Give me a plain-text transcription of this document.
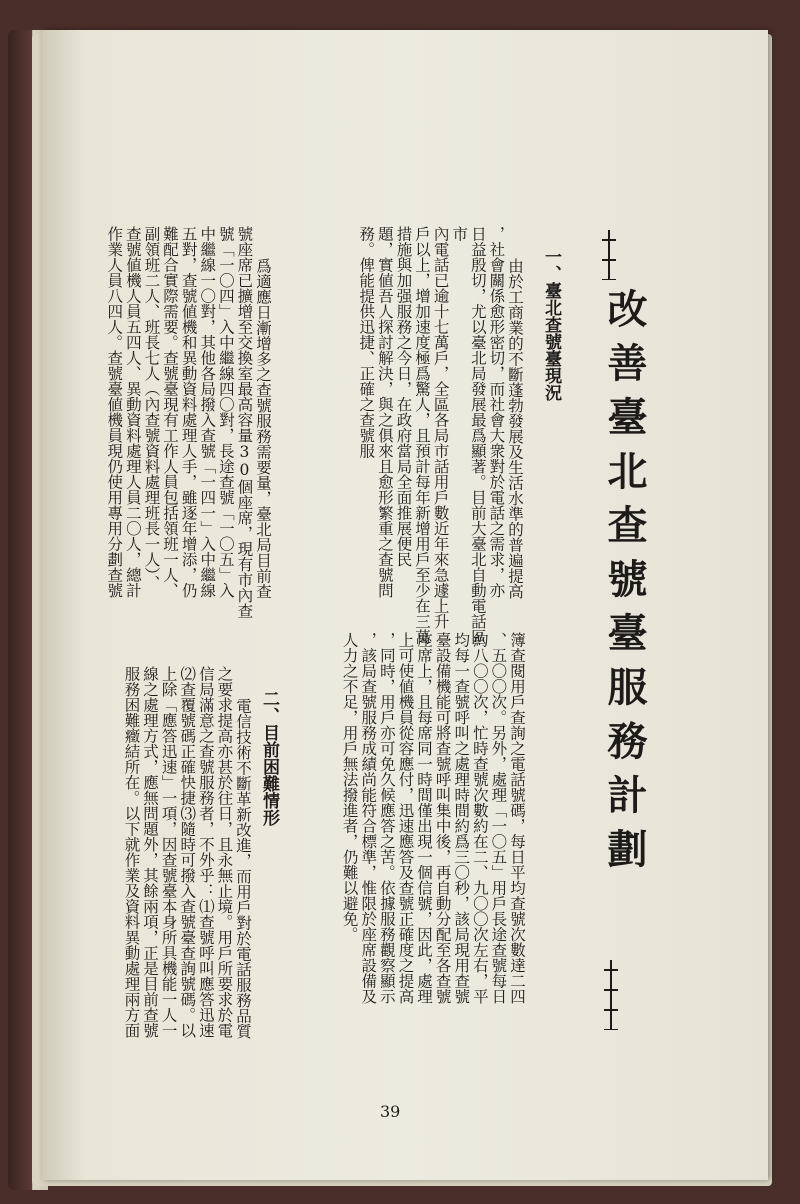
改善臺北查號臺服務計劃
一、臺北查號臺現況
由於工商業的不斷蓬勃發展及生活水準的普遍提高
，社會關係愈形密切，而社會大衆對於電話之需求，亦
日益殷切，尤以臺北局發展最爲顯著。目前大臺北自動電話區市
內電話已逾十七萬戶，全區各局市話用戶數近年來急遽上升
戶以上，增加速度極爲驚人，且預計每年新增用戶至少在三萬
措施與加强服務之今日，在政府當局全面推展便民
題，實値吾人探討解決，與之俱來且愈形繁重之查號問
務。俾能提供迅捷、正確之查號服
爲適應日漸增多之查號服務需要量，臺北局目前查
號座席已擴增至交換室最高容量30個座席，現有市內查
號「一〇四」入中繼線四〇對，長途查號「一〇五」入
中繼線一〇對，其他各局撥入查號「一四一」入中繼線
五對，查號値機和異動資料處理人手，雖逐年增添，仍
難配合實際需要。查號臺現有工作人員包括領班一人、
副領班二人、班長七人（內查號資料處理班長一人）、
查號値機人員五四人、異動資料處理人員二〇人，總計
作業人員八四人。查號臺値機員現仍使用專用分劃查號
簿查閱用戶查詢之電話號碼，每日平均查號次數達二四
、五〇〇次。另外，處理「一〇五」用戶長途查號每日
約八〇〇次，忙時查號次數約在二、九〇〇次左右，平
均每一查號呼叫之處理時間約爲三〇秒，該局現用查號
臺設備機能可將查號呼叫集中後，再自動分配至各查號
座席上，且每席同一時間僅出現一個信號，因此，處理
上可使値機員從容應付，迅速應答及查號正確度之提高
，同時，用戶亦可免久候應答之苦。依據服務觀察顯示
，該局查號服務成績尚能符合標準，惟限於座席設備及
人力之不足，用戶無法撥進者，仍難以避免。
二、目前困難情形
電信技術不斷革新改進，而用戶對於電話服務品質
之要求提高亦甚於往日，且永無止境。用戶所要求於電
信局滿意之查號服務者，不外乎：⑴查號呼叫應答迅速
⑵查覆號碼正確快捷⑶隨時可撥入查號臺查詢號碼。以
上除「應答迅速」一項，因查號臺本身所具機能一人一
線之處理方式，應無問題外，其餘兩項，正是目前查號
服務困難癥結所在。以下就作業及資料異動處理兩方面
39
